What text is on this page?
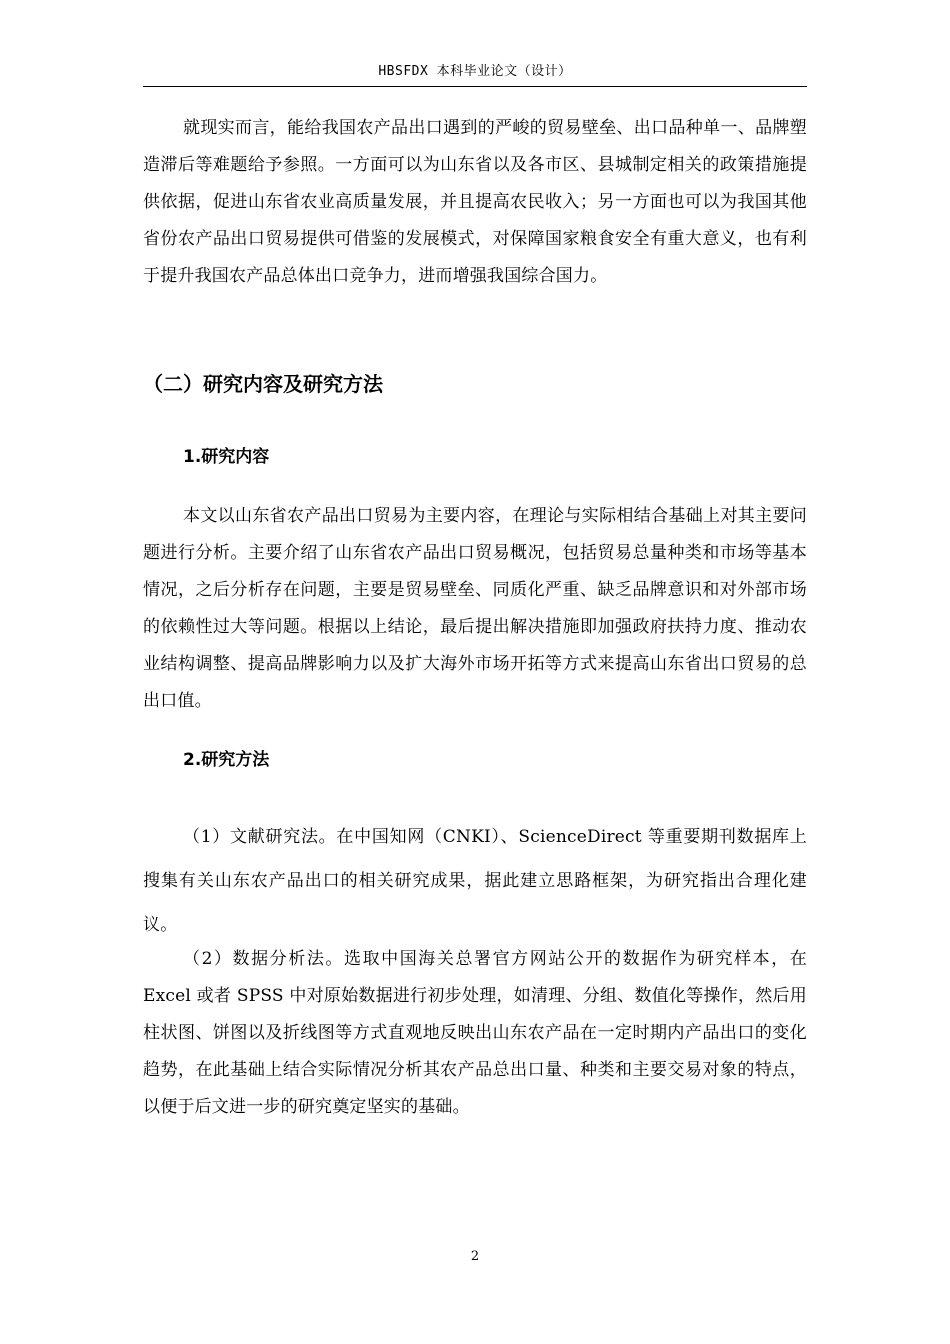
HBSFDX 本科毕业论文（设计）

就现实而言，能给我国农产品出口遇到的严峻的贸易壁垒、出口品种单一、品牌塑造滞后等难题给予参照。一方面可以为山东省以及各市区、县城制定相关的政策措施提供依据，促进山东省农业高质量发展，并且提高农民收入；另一方面也可以为我国其他省份农产品出口贸易提供可借鉴的发展模式，对保障国家粮食安全有重大意义，也有利于提升我国农产品总体出口竞争力，进而增强我国综合国力。

（二）研究内容及研究方法
1.研究内容

本文以山东省农产品出口贸易为主要内容，在理论与实际相结合基础上对其主要问题进行分析。主要介绍了山东省农产品出口贸易概况，包括贸易总量种类和市场等基本情况，之后分析存在问题，主要是贸易壁垒、同质化严重、缺乏品牌意识和对外部市场的依赖性过大等问题。根据以上结论，最后提出解决措施即加强政府扶持力度、推动农业结构调整、提高品牌影响力以及扩大海外市场开拓等方式来提高山东省出口贸易的总出口值。

2.研究方法

（1）文献研究法。在中国知网（CNKI）、ScienceDirect 等重要期刊数据库上搜集有关山东农产品出口的相关研究成果，据此建立思路框架，为研究指出合理化建议。

（2）数据分析法。选取中国海关总署官方网站公开的数据作为研究样本，在 Excel 或者 SPSS 中对原始数据进行初步处理，如清理、分组、数值化等操作，然后用柱状图、饼图以及折线图等方式直观地反映出山东农产品在一定时期内产品出口的变化趋势，在此基础上结合实际情况分析其农产品总出口量、种类和主要交易对象的特点，以便于后文进一步的研究奠定坚实的基础。

2
